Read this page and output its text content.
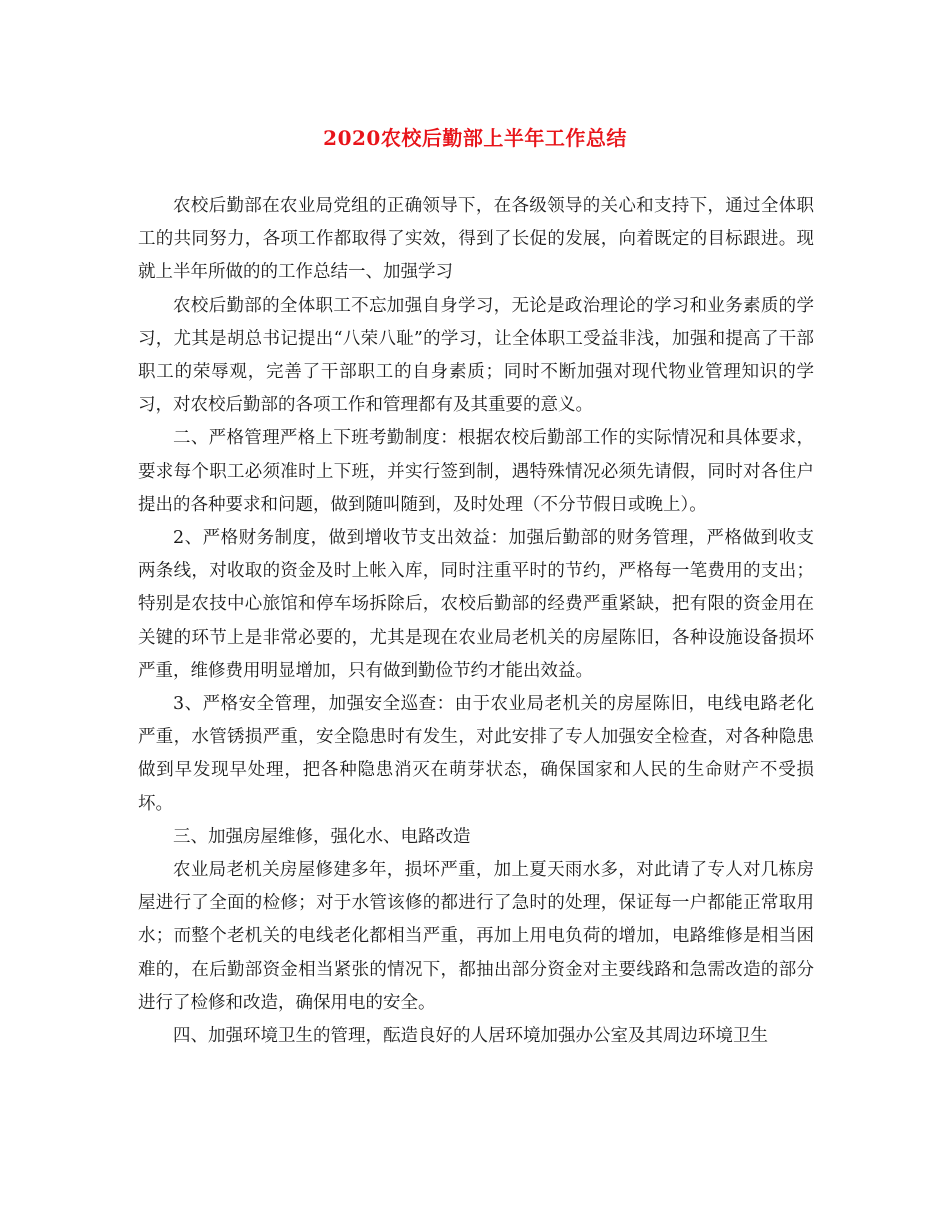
2020农校后勤部上半年工作总结

农校后勤部在农业局党组的正确领导下，在各级领导的关心和支持下，通过全体职工的共同努力，各项工作都取得了实效，得到了长促的发展，向着既定的目标跟进。现就上半年所做的的工作总结一、加强学习

农校后勤部的全体职工不忘加强自身学习，无论是政治理论的学习和业务素质的学习，尤其是胡总书记提出“八荣八耻”的学习，让全体职工受益非浅，加强和提高了干部职工的荣辱观，完善了干部职工的自身素质；同时不断加强对现代物业管理知识的学习，对农校后勤部的各项工作和管理都有及其重要的意义。

二、严格管理严格上下班考勤制度：根据农校后勤部工作的实际情况和具体要求，要求每个职工必须准时上下班，并实行签到制，遇特殊情况必须先请假，同时对各住户提出的各种要求和问题，做到随叫随到，及时处理（不分节假日或晚上）。

2、严格财务制度，做到增收节支出效益：加强后勤部的财务管理，严格做到收支两条线，对收取的资金及时上帐入库，同时注重平时的节约，严格每一笔费用的支出；特别是农技中心旅馆和停车场拆除后，农校后勤部的经费严重紧缺，把有限的资金用在关键的环节上是非常必要的，尤其是现在农业局老机关的房屋陈旧，各种设施设备损坏严重，维修费用明显增加，只有做到勤俭节约才能出效益。

3、严格安全管理，加强安全巡查：由于农业局老机关的房屋陈旧，电线电路老化严重，水管锈损严重，安全隐患时有发生，对此安排了专人加强安全检查，对各种隐患做到早发现早处理，把各种隐患消灭在萌芽状态，确保国家和人民的生命财产不受损坏。

三、加强房屋维修，强化水、电路改造

农业局老机关房屋修建多年，损坏严重，加上夏天雨水多，对此请了专人对几栋房屋进行了全面的检修；对于水管该修的都进行了急时的处理，保证每一户都能正常取用水；而整个老机关的电线老化都相当严重，再加上用电负荷的增加，电路维修是相当困难的，在后勤部资金相当紧张的情况下，都抽出部分资金对主要线路和急需改造的部分进行了检修和改造，确保用电的安全。

四、加强环境卫生的管理，酝造良好的人居环境加强办公室及其周边环境卫生
